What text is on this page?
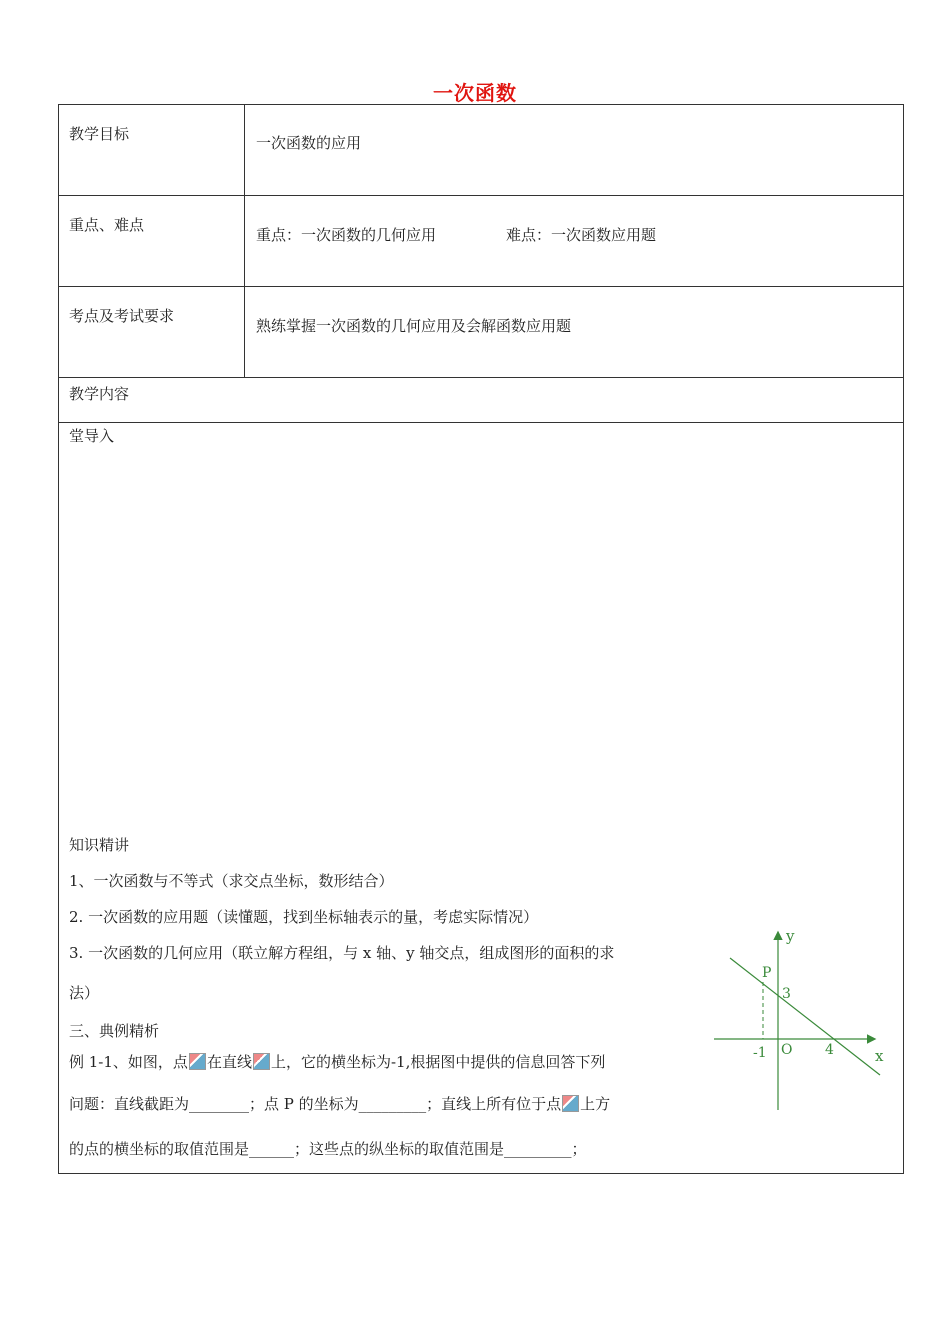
一次函数
教学目标	一次函数的应用
重点、难点
重点：一次函数的几何应用	难点：一次函数应用题
考点及考试要求
熟练掌握一次函数的几何应用及会解函数应用题
教学内容
堂导入
知识精讲
1、一次函数与不等式（求交点坐标，数形结合）
2. 一次函数的应用题（读懂题，找到坐标轴表示的量，考虑实际情况）
3. 一次函数的几何应用（联立解方程组，与 x 轴、y 轴交点，组成图形的面积的求
法）
三、典例精析
例 1-1、如图，点 在直线 上，它的横坐标为-1,根据图中提供的信息回答下列
问题：直线截距为________；点 P 的坐标为_________；直线上所有位于点 上方
的点的横坐标的取值范围是______；这些点的纵坐标的取值范围是_________；
y
x
P
3
4
-1 O
